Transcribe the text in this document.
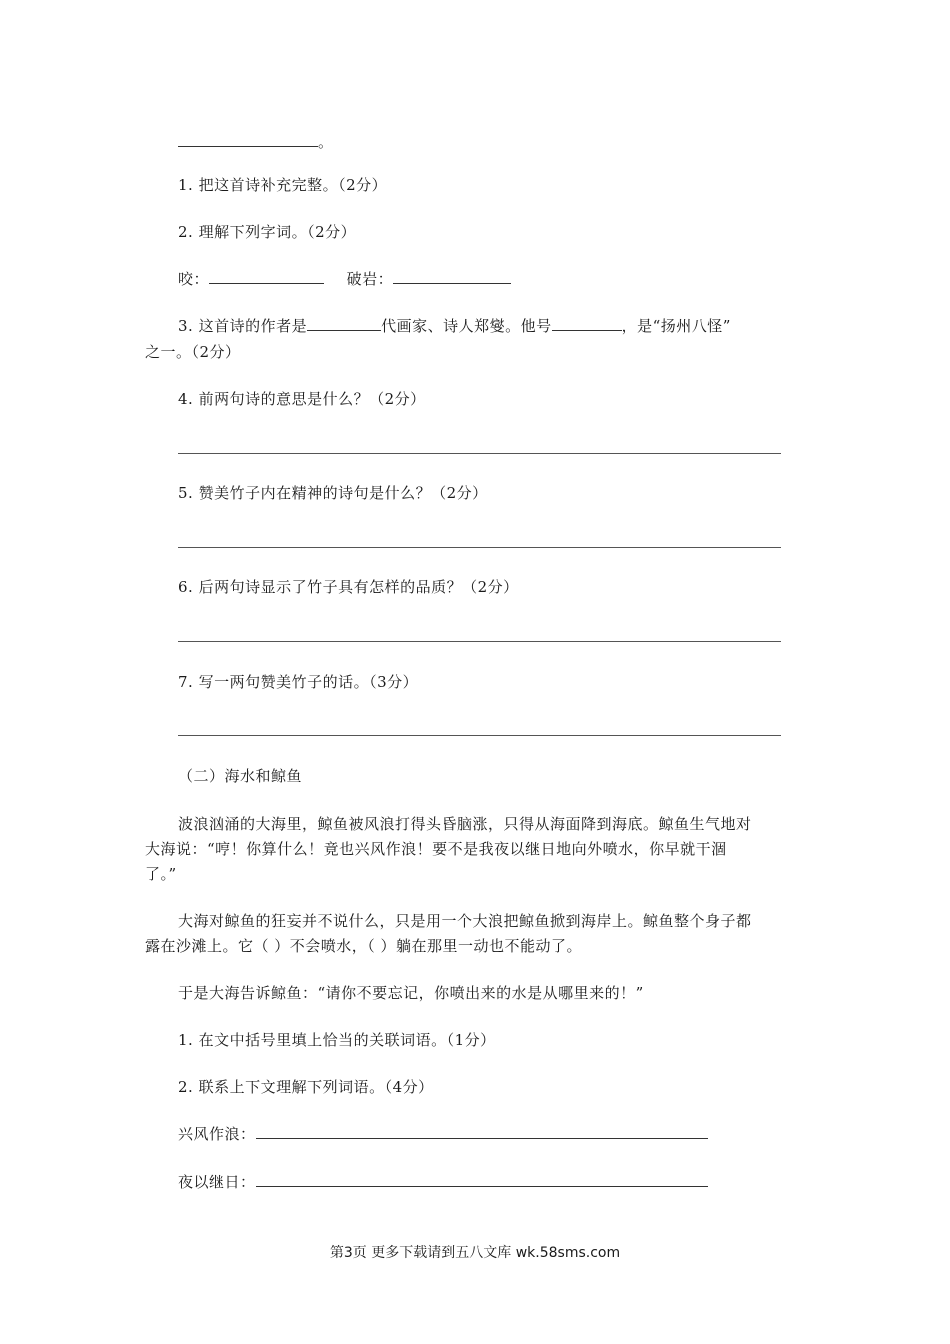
。
1. 把这首诗补充完整。（2分）
2. 理解下列字词。（2分）
咬：	破岩：
3. 这首诗的作者是	代画家、诗人郑燮。他号	，是“扬州八怪”
之一。（2分）
4. 前两句诗的意思是什么？（2分）
5. 赞美竹子内在精神的诗句是什么？（2分）
6. 后两句诗显示了竹子具有怎样的品质？（2分）
7. 写一两句赞美竹子的话。（3分）
（二）海水和鲸鱼
波浪汹涌的大海里，鲸鱼被风浪打得头昏脑涨，只得从海面降到海底。鲸鱼生气地对
大海说：“哼！你算什么！竟也兴风作浪！要不是我夜以继日地向外喷水，你早就干涸
了。”
大海对鲸鱼的狂妄并不说什么，只是用一个大浪把鲸鱼掀到海岸上。鲸鱼整个身子都
露在沙滩上。它（ ）不会喷水，（ ）躺在那里一动也不能动了。
于是大海告诉鲸鱼：“请你不要忘记，你喷出来的水是从哪里来的！”
1. 在文中括号里填上恰当的关联词语。（1分）
2. 联系上下文理解下列词语。（4分）
兴风作浪：
夜以继日：
第3页 更多下载请到五八文库 wk.58sms.com
